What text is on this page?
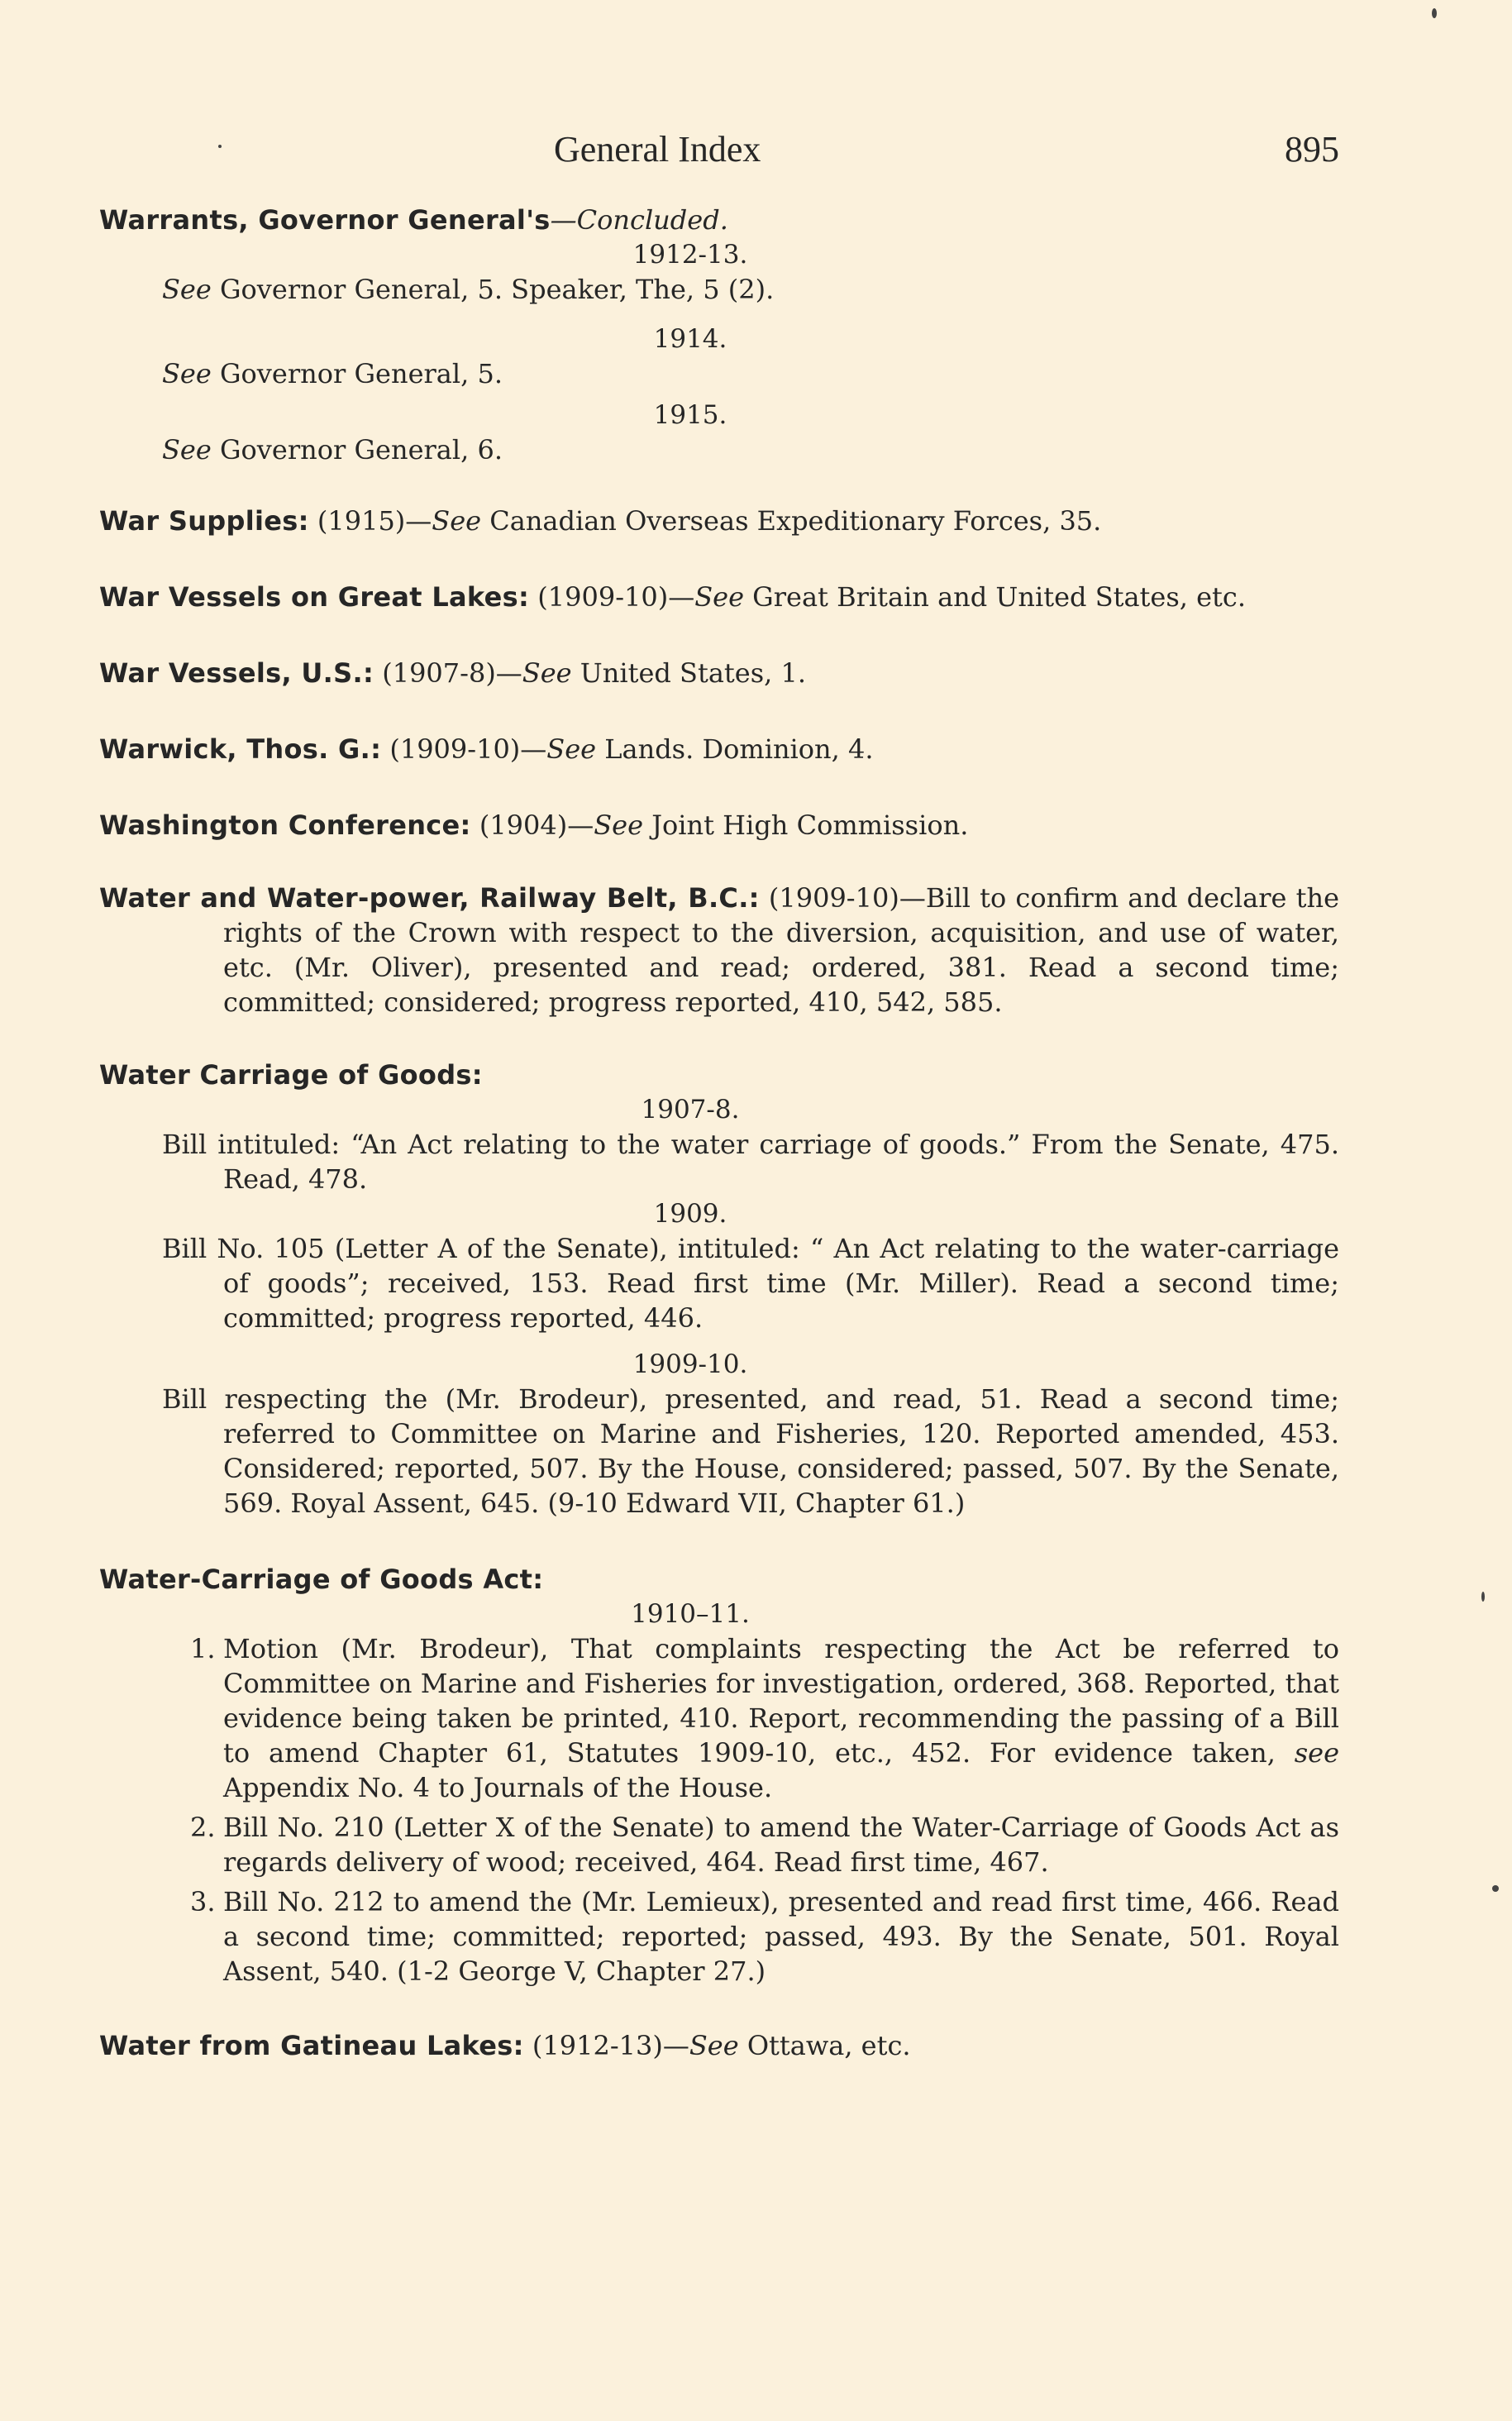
General Index	895
Warrants, Governor General's—Concluded.
1912-13.
See Governor General, 5. Speaker, The, 5 (2).
1914.
See Governor General, 5.
1915.
See Governor General, 6.
War Supplies: (1915)—See Canadian Overseas Expeditionary Forces, 35.
War Vessels on Great Lakes: (1909-10)—See Great Britain and United States, etc.
War Vessels, U.S.: (1907-8)—See United States, 1.
Warwick, Thos. G.: (1909-10)—See Lands. Dominion, 4.
Washington Conference: (1904)—See Joint High Commission.
Water and Water-power, Railway Belt, B.C.: (1909-10)—Bill to confirm and declare the rights of the Crown with respect to the diversion, acquisition, and use of water, etc. (Mr. Oliver), presented and read; ordered, 381. Read a second time; committed; considered; progress reported, 410, 542, 585.
Water Carriage of Goods:
1907-8.
Bill intituled: “An Act relating to the water carriage of goods.” From the Senate, 475. Read, 478.
1909.
Bill No. 105 (Letter A of the Senate), intituled: “ An Act relating to the water-carriage of goods”; received, 153. Read first time (Mr. Miller). Read a second time; committed; progress reported, 446.
1909-10.
Bill respecting the (Mr. Brodeur), presented, and read, 51. Read a second time; referred to Committee on Marine and Fisheries, 120. Reported amended, 453. Considered; reported, 507. By the House, considered; passed, 507. By the Senate, 569. Royal Assent, 645. (9-10 Edward VII, Chapter 61.)
Water-Carriage of Goods Act:
1910–11.
1. Motion (Mr. Brodeur), That complaints respecting the Act be referred to Committee on Marine and Fisheries for investigation, ordered, 368. Reported, that evidence being taken be printed, 410. Report, recommending the passing of a Bill to amend Chapter 61, Statutes 1909-10, etc., 452. For evidence taken, see Appendix No. 4 to Journals of the House.
2. Bill No. 210 (Letter X of the Senate) to amend the Water-Carriage of Goods Act as regards delivery of wood; received, 464. Read first time, 467.
3. Bill No. 212 to amend the (Mr. Lemieux), presented and read first time, 466. Read a second time; committed; reported; passed, 493. By the Senate, 501. Royal Assent, 540. (1-2 George V, Chapter 27.)
Water from Gatineau Lakes: (1912-13)—See Ottawa, etc.
